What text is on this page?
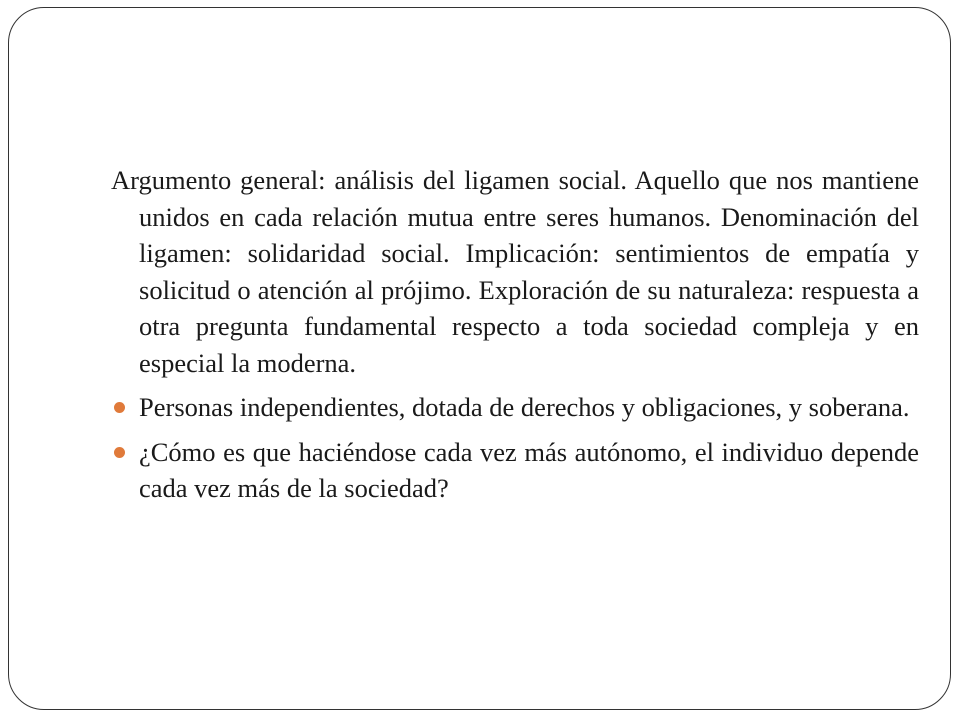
Argumento general: análisis del ligamen social. Aquello que nos mantiene unidos en cada relación mutua entre seres humanos. Denominación del ligamen: solidaridad social. Implicación: sentimientos de empatía y solicitud o atención al prójimo. Exploración de su naturaleza: respuesta a otra pregunta fundamental respecto a toda sociedad compleja y en especial la moderna.

Personas independientes, dotada de derechos y obligaciones, y soberana.
¿Cómo es que haciéndose cada vez más autónomo, el individuo depende cada vez más de la sociedad?
